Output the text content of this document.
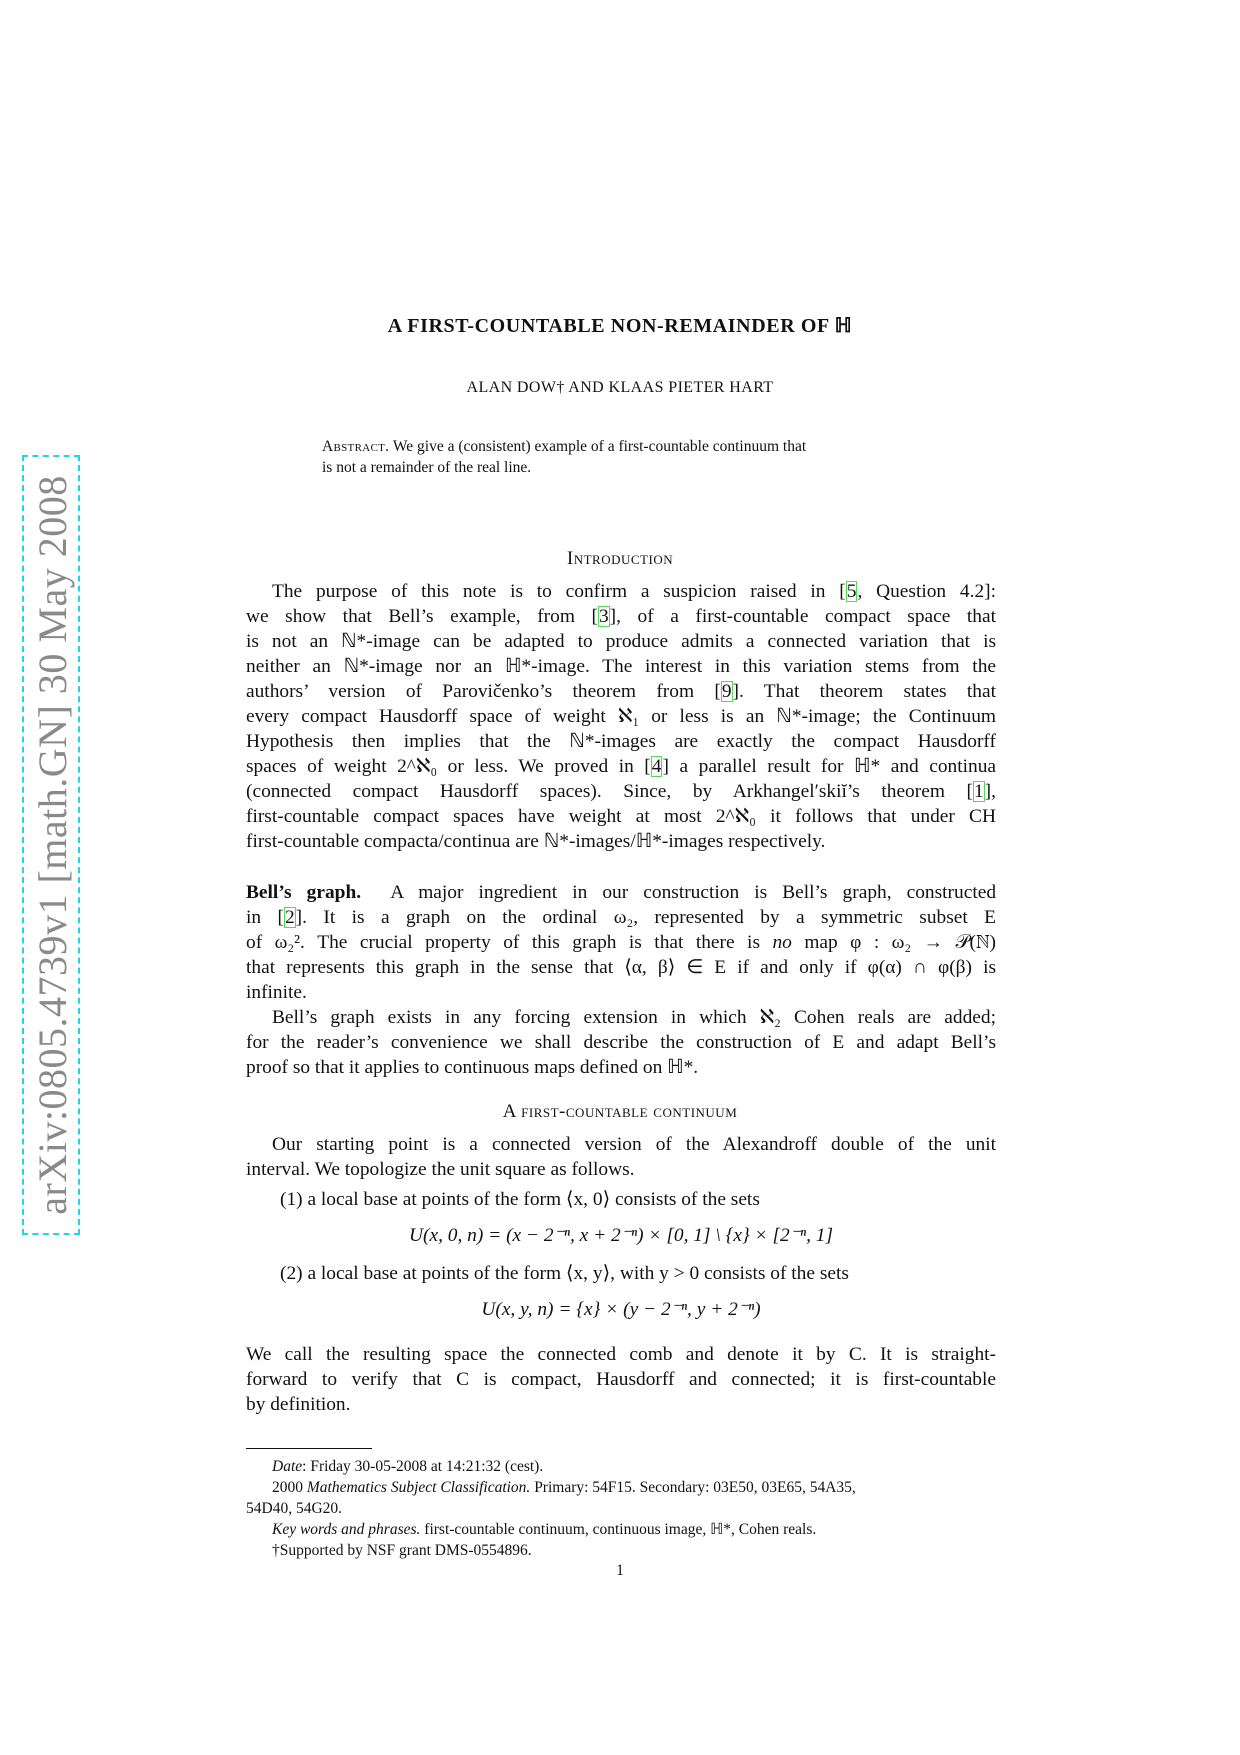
arXiv:0805.4739v1 [math.GN] 30 May 2008
A FIRST-COUNTABLE NON-REMAINDER OF ℍ
ALAN DOW† AND KLAAS PIETER HART
Abstract. We give a (consistent) example of a first-countable continuum that
is not a remainder of the real line.
Introduction
The purpose of this note is to confirm a suspicion raised in [5, Question 4.2]:
we show that Bell’s example, from [3], of a first-countable compact space that
is not an ℕ*-image can be adapted to produce admits a connected variation that is
neither an ℕ*-image nor an ℍ*-image. The interest in this variation stems from the
authors’ version of Parovičenko’s theorem from [9]. That theorem states that
every compact Hausdorff space of weight ℵ₁ or less is an ℕ*-image; the Continuum
Hypothesis then implies that the ℕ*-images are exactly the compact Hausdorff
spaces of weight 2^ℵ₀ or less. We proved in [4] a parallel result for ℍ* and continua
(connected compact Hausdorff spaces). Since, by Arkhangel′skiĭ’s theorem [1],
first-countable compact spaces have weight at most 2^ℵ₀ it follows that under CH
first-countable compacta/continua are ℕ*-images/ℍ*-images respectively.
Bell’s graph. A major ingredient in our construction is Bell’s graph, constructed
in [2]. It is a graph on the ordinal ω₂, represented by a symmetric subset E
of ω₂². The crucial property of this graph is that there is no map φ : ω₂ → 𝒫(ℕ)
that represents this graph in the sense that ⟨α, β⟩ ∈ E if and only if φ(α) ∩ φ(β) is
infinite.
Bell’s graph exists in any forcing extension in which ℵ₂ Cohen reals are added;
for the reader’s convenience we shall describe the construction of E and adapt Bell’s
proof so that it applies to continuous maps defined on ℍ*.
A first-countable continuum
Our starting point is a connected version of the Alexandroff double of the unit
interval. We topologize the unit square as follows.
(1) a local base at points of the form ⟨x, 0⟩ consists of the sets
U(x, 0, n) = (x − 2⁻ⁿ, x + 2⁻ⁿ) × [0, 1] \ {x} × [2⁻ⁿ, 1]
(2) a local base at points of the form ⟨x, y⟩, with y > 0 consists of the sets
U(x, y, n) = {x} × (y − 2⁻ⁿ, y + 2⁻ⁿ)
We call the resulting space the connected comb and denote it by C. It is straight-
forward to verify that C is compact, Hausdorff and connected; it is first-countable
by definition.
Date: Friday 30-05-2008 at 14:21:32 (cest).
2000 Mathematics Subject Classification. Primary: 54F15. Secondary: 03E50, 03E65, 54A35,
54D40, 54G20.
Key words and phrases. first-countable continuum, continuous image, ℍ*, Cohen reals.
†Supported by NSF grant DMS-0554896.
1
